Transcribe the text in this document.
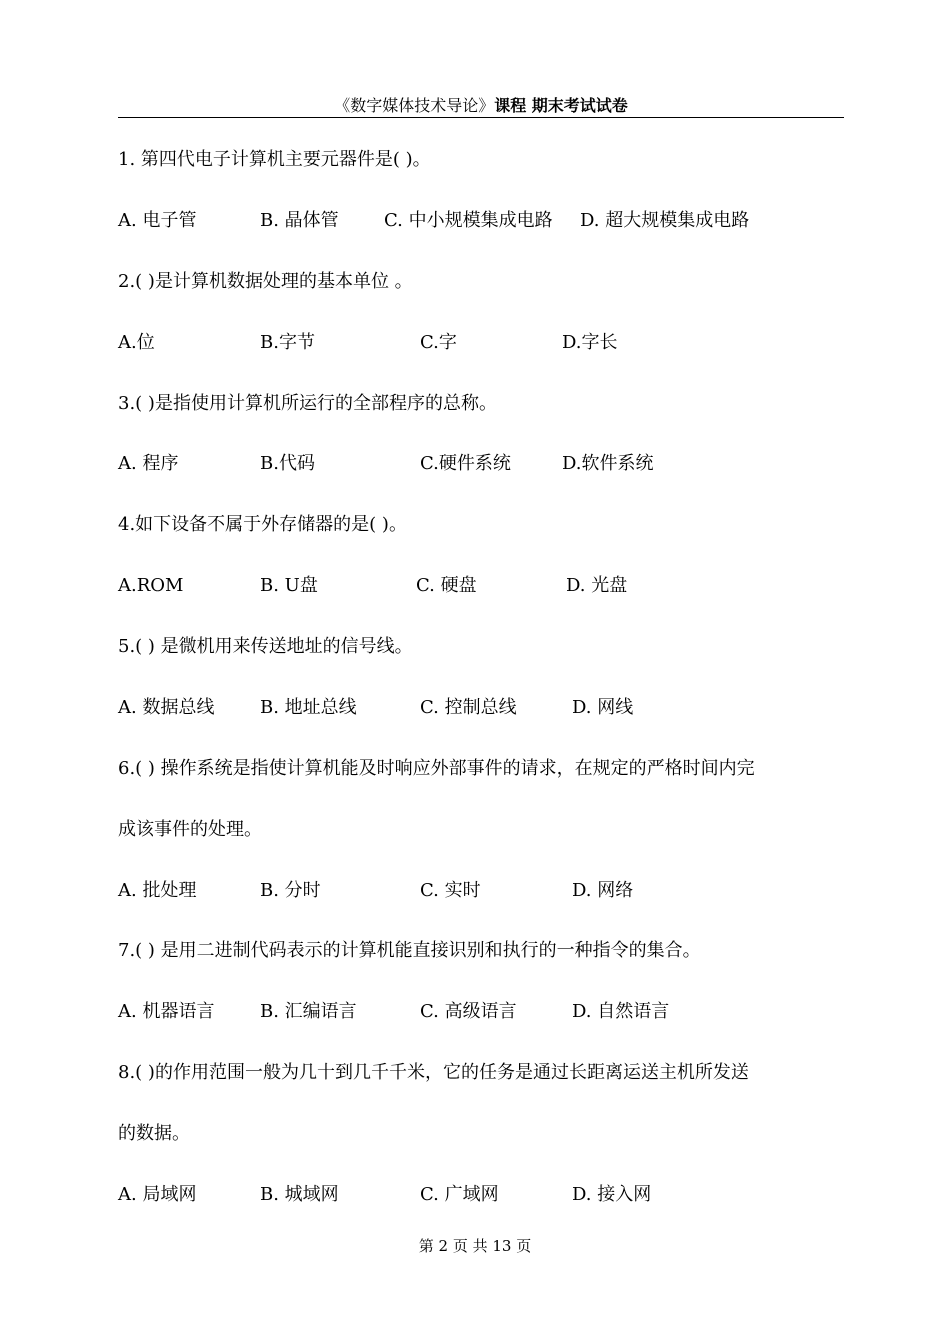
《数字媒体技术导论》课程 期末考试试卷
1. 第四代电子计算机主要元器件是( )。
A. 电子管	B. 晶体管	C. 中小规模集成电路 D. 超大规模集成电路
2.( )是计算机数据处理的基本单位 。
A.位	B.字节	C.字	D.字长
3.( )是指使用计算机所运行的全部程序的总称。
A. 程序	B.代码	C.硬件系统	D.软件系统
4.如下设备不属于外存储器的是( )。
A.ROM	B. U盘	C. 硬盘	D. 光盘
5.( ) 是微机用来传送地址的信号线。
A. 数据总线	B. 地址总线	C. 控制总线	D. 网线
6.( ) 操作系统是指使计算机能及时响应外部事件的请求，在规定的严格时间内完
成该事件的处理。
A. 批处理	B. 分时	C. 实时	D. 网络
7.( ) 是用二进制代码表示的计算机能直接识别和执行的一种指令的集合。
A. 机器语言	B. 汇编语言	C. 高级语言	D. 自然语言
8.( )的作用范围一般为几十到几千千米，它的任务是通过长距离运送主机所发送
的数据。
A. 局域网	B. 城域网	C. 广域网	D. 接入网
第 2 页 共 13 页
